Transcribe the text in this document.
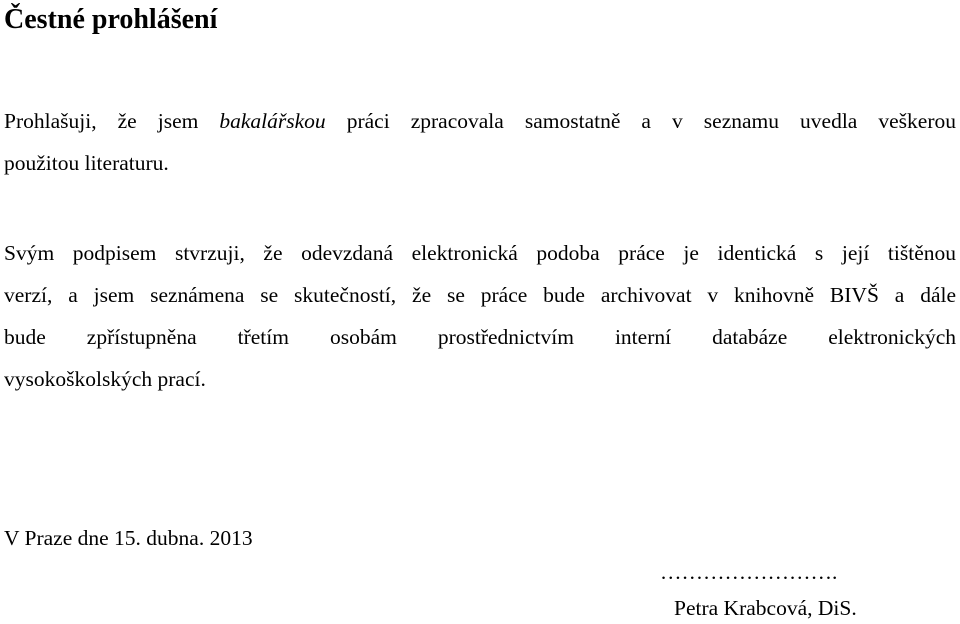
Čestné prohlášení
Prohlašuji, že jsem bakalářskou práci zpracovala samostatně a v seznamu uvedla veškerou
použitou literaturu.
Svým podpisem stvrzuji, že odevzdaná elektronická podoba práce je identická s její tištěnou
verzí, a jsem seznámena se skutečností, že se práce bude archivovat v knihovně BIVŠ a dále
bude zpřístupněna třetím osobám prostřednictvím interní databáze elektronických
vysokoškolských prací.

V Praze dne 15. dubna. 2013

…………………….
Petra Krabcová, DiS.
